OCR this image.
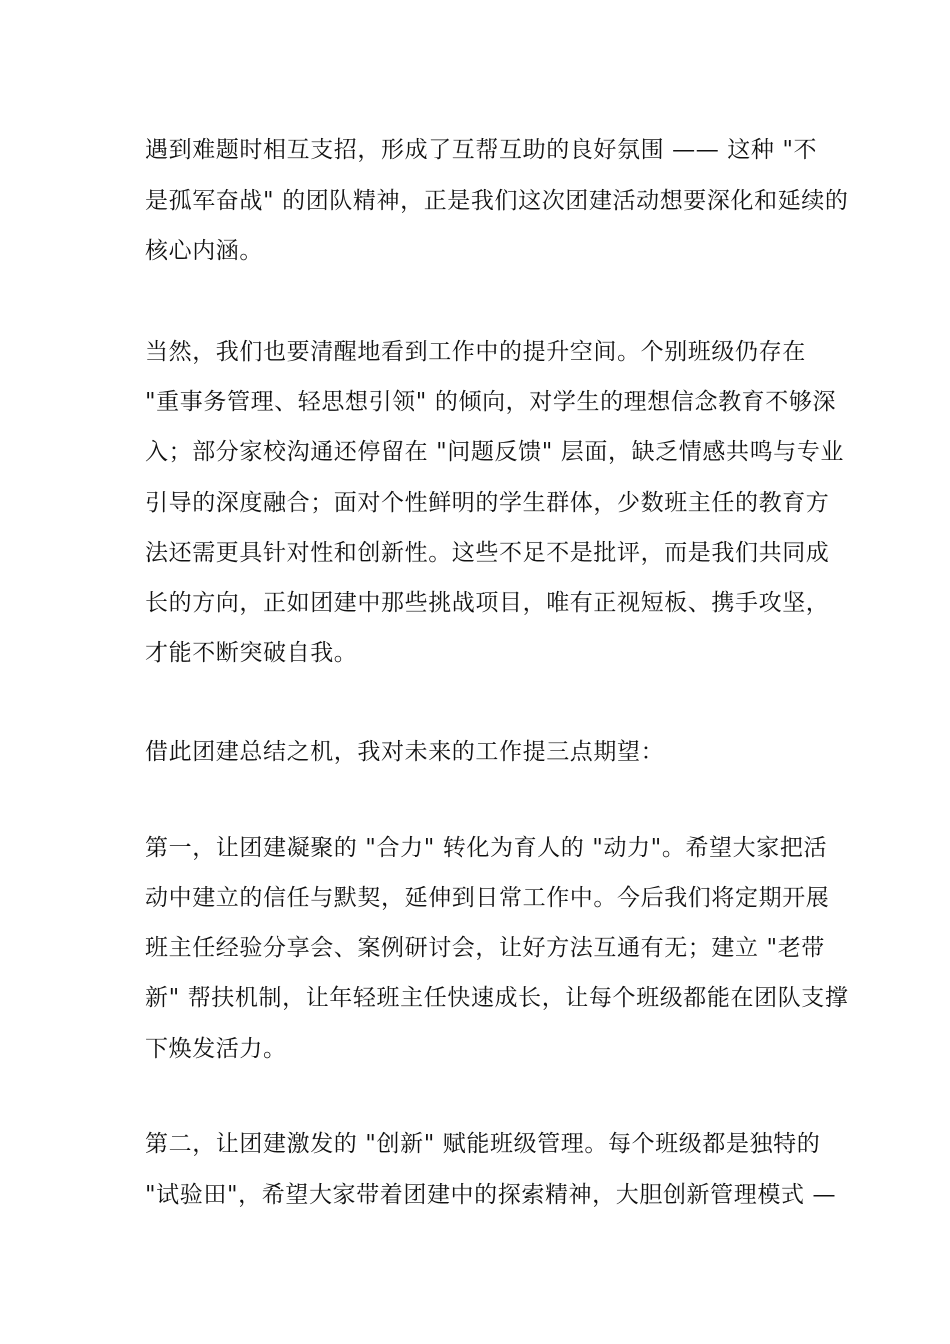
遇到难题时相互支招，形成了互帮互助的良好氛围 —— 这种 "不
是孤军奋战" 的团队精神，正是我们这次团建活动想要深化和延续的
核心内涵。
当然，我们也要清醒地看到工作中的提升空间。个别班级仍存在
"重事务管理、轻思想引领" 的倾向，对学生的理想信念教育不够深
入；部分家校沟通还停留在 "问题反馈" 层面，缺乏情感共鸣与专业
引导的深度融合；面对个性鲜明的学生群体，少数班主任的教育方
法还需更具针对性和创新性。这些不足不是批评，而是我们共同成
长的方向，正如团建中那些挑战项目，唯有正视短板、携手攻坚，
才能不断突破自我。
借此团建总结之机，我对未来的工作提三点期望：
第一，让团建凝聚的 "合力" 转化为育人的 "动力"。希望大家把活
动中建立的信任与默契，延伸到日常工作中。今后我们将定期开展
班主任经验分享会、案例研讨会，让好方法互通有无；建立 "老带
新" 帮扶机制，让年轻班主任快速成长，让每个班级都能在团队支撑
下焕发活力。
第二，让团建激发的 "创新" 赋能班级管理。每个班级都是独特的
"试验田"，希望大家带着团建中的探索精神，大胆创新管理模式 —
